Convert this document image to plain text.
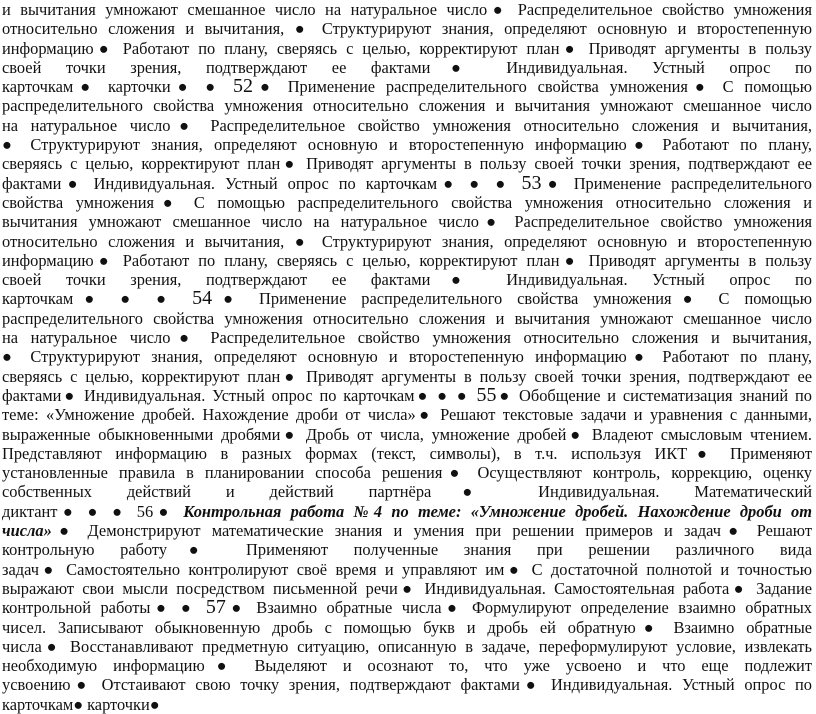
и вычитания умножают смешанное число на натуральное число● Распределительное свойство умножения
относительно сложения и вычитания, ● Структурируют знания, определяют основную и второстепенную
информацию● Работают по плану, сверяясь с целью, корректируют план● Приводят аргументы в пользу
своей точки зрения, подтверждают ее фактами● Индивидуальная. Устный опрос по
карточкам● карточки● ● 52● Применение распределительного свойства умножения● С помощью
распределительного свойства умножения относительно сложения и вычитания умножают смешанное число
на натуральное число● Распределительное свойство умножения относительно сложения и вычитания,
● Структурируют знания, определяют основную и второстепенную информацию● Работают по плану,
сверяясь с целью, корректируют план● Приводят аргументы в пользу своей точки зрения, подтверждают ее
фактами● Индивидуальная. Устный опрос по карточкам● ● ● 53● Применение распределительного
свойства умножения● С помощью распределительного свойства умножения относительно сложения и
вычитания умножают смешанное число на натуральное число● Распределительное свойство умножения
относительно сложения и вычитания, ● Структурируют знания, определяют основную и второстепенную
информацию● Работают по плану, сверяясь с целью, корректируют план● Приводят аргументы в пользу
своей точки зрения, подтверждают ее фактами● Индивидуальная. Устный опрос по
карточкам● ● ● 54● Применение распределительного свойства умножения● С помощью
распределительного свойства умножения относительно сложения и вычитания умножают смешанное число
на натуральное число● Распределительное свойство умножения относительно сложения и вычитания,
● Структурируют знания, определяют основную и второстепенную информацию● Работают по плану,
сверяясь с целью, корректируют план● Приводят аргументы в пользу своей точки зрения, подтверждают ее
фактами● Индивидуальная. Устный опрос по карточкам● ● ● 55● Обобщение и систематизация знаний по
теме: «Умножение дробей. Нахождение дроби от числа»● Решают текстовые задачи и уравнения с данными,
выраженные обыкновенными дробями● Дробь от числа, умножение дробей● Владеют смысловым чтением.
Представляют информацию в разных формах (текст, символы), в т.ч. используя ИКТ● Применяют
установленные правила в планировании способа решения● Осуществляют контроль, коррекцию, оценку
собственных действий и действий партнёра● Индивидуальная. Математический
диктант● ● ● 56● Контрольная работа №4 по теме: «Умножение дробей. Нахождение дроби от
числа»● Демонстрируют математические знания и умения при решении примеров и задач● Решают
контрольную работу● Применяют полученные знания при решении различного вида
задач● Самостоятельно контролируют своё время и управляют им● С достаточной полнотой и точностью
выражают свои мысли посредством письменной речи● Индивидуальная. Самостоятельная работа● Задание
контрольной работы● ● 57● Взаимно обратные числа● Формулируют определение взаимно обратных
чисел. Записывают обыкновенную дробь с помощью букв и дробь ей обратную● Взаимно обратные
числа● Восстанавливают предметную ситуацию, описанную в задаче, переформулируют условие, извлекать
необходимую информацию● Выделяют и осознают то, что уже усвоено и что еще подлежит
усвоению● Отстаивают свою точку зрения, подтверждают фактами● Индивидуальная. Устный опрос по
карточкам● карточки●
